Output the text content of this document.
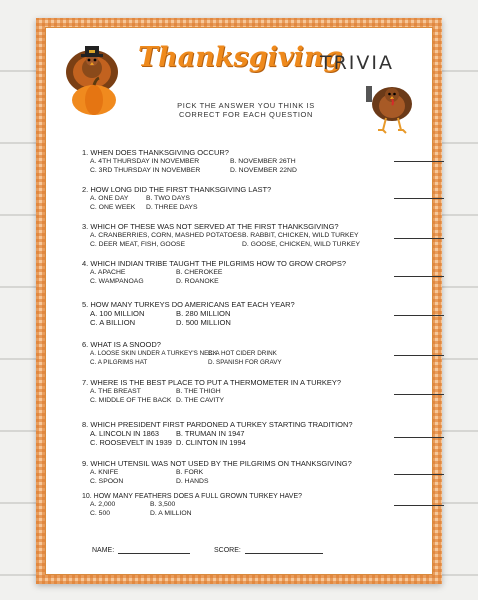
Thanksgiving
TRIVIA
PICK THE ANSWER YOU THINK IS
CORRECT FOR EACH QUESTION
1. WHEN DOES THANKSGIVING OCCUR?
A. 4TH THURSDAY IN NOVEMBER	B. NOVEMBER 26TH
C. 3RD THURSDAY IN NOVEMBER	D. NOVEMBER 22ND
2. HOW LONG DID THE FIRST THANKSGIVING LAST?
A. ONE DAY	B. TWO DAYS
C. ONE WEEK	D. THREE DAYS
3. WHICH OF THESE WAS NOT SERVED AT THE FIRST THANKSGIVING?
A. CRANBERRIES, CORN, MASHED POTATOES B. RABBIT, CHICKEN, WILD TURKEY
C. DEER MEAT, FISH, GOOSE	D. GOOSE, CHICKEN, WILD TURKEY
4. WHICH INDIAN TRIBE TAUGHT THE PILGRIMS HOW TO GROW CROPS?
A. APACHE	B. CHEROKEE
C. WAMPANOAG	D. ROANOKE
5. HOW MANY TURKEYS DO AMERICANS EAT EACH YEAR?
A. 100 MILLION	B. 280 MILLION
C. A BILLION	D. 500 MILLION
6. WHAT IS A SNOOD?
A. LOOSE SKIN UNDER A TURKEY'S NECK
B. A HOT CIDER DRINK
C. A PILGRIMS HAT	D. SPANISH FOR GRAVY
7. WHERE IS THE BEST PLACE TO PUT A THERMOMETER IN A TURKEY?
A. THE BREAST	B. THE THIGH
C. MIDDLE OF THE BACK D. THE CAVITY
8. WHICH PRESIDENT FIRST PARDONED A TURKEY STARTING TRADITION?
A. LINCOLN IN 1863	B. TRUMAN IN 1947
C. ROOSEVELT IN 1939 D. CLINTON IN 1994
9. WHICH UTENSIL WAS NOT USED BY THE PILGRIMS ON THANKSGIVING?
A. KNIFE	B. FORK
C. SPOON	D. HANDS
10. HOW MANY FEATHERS DOES A FULL GROWN TURKEY HAVE?
A. 2,000	B. 3,500
C. 500	D. A MILLION
NAME:	SCORE:
